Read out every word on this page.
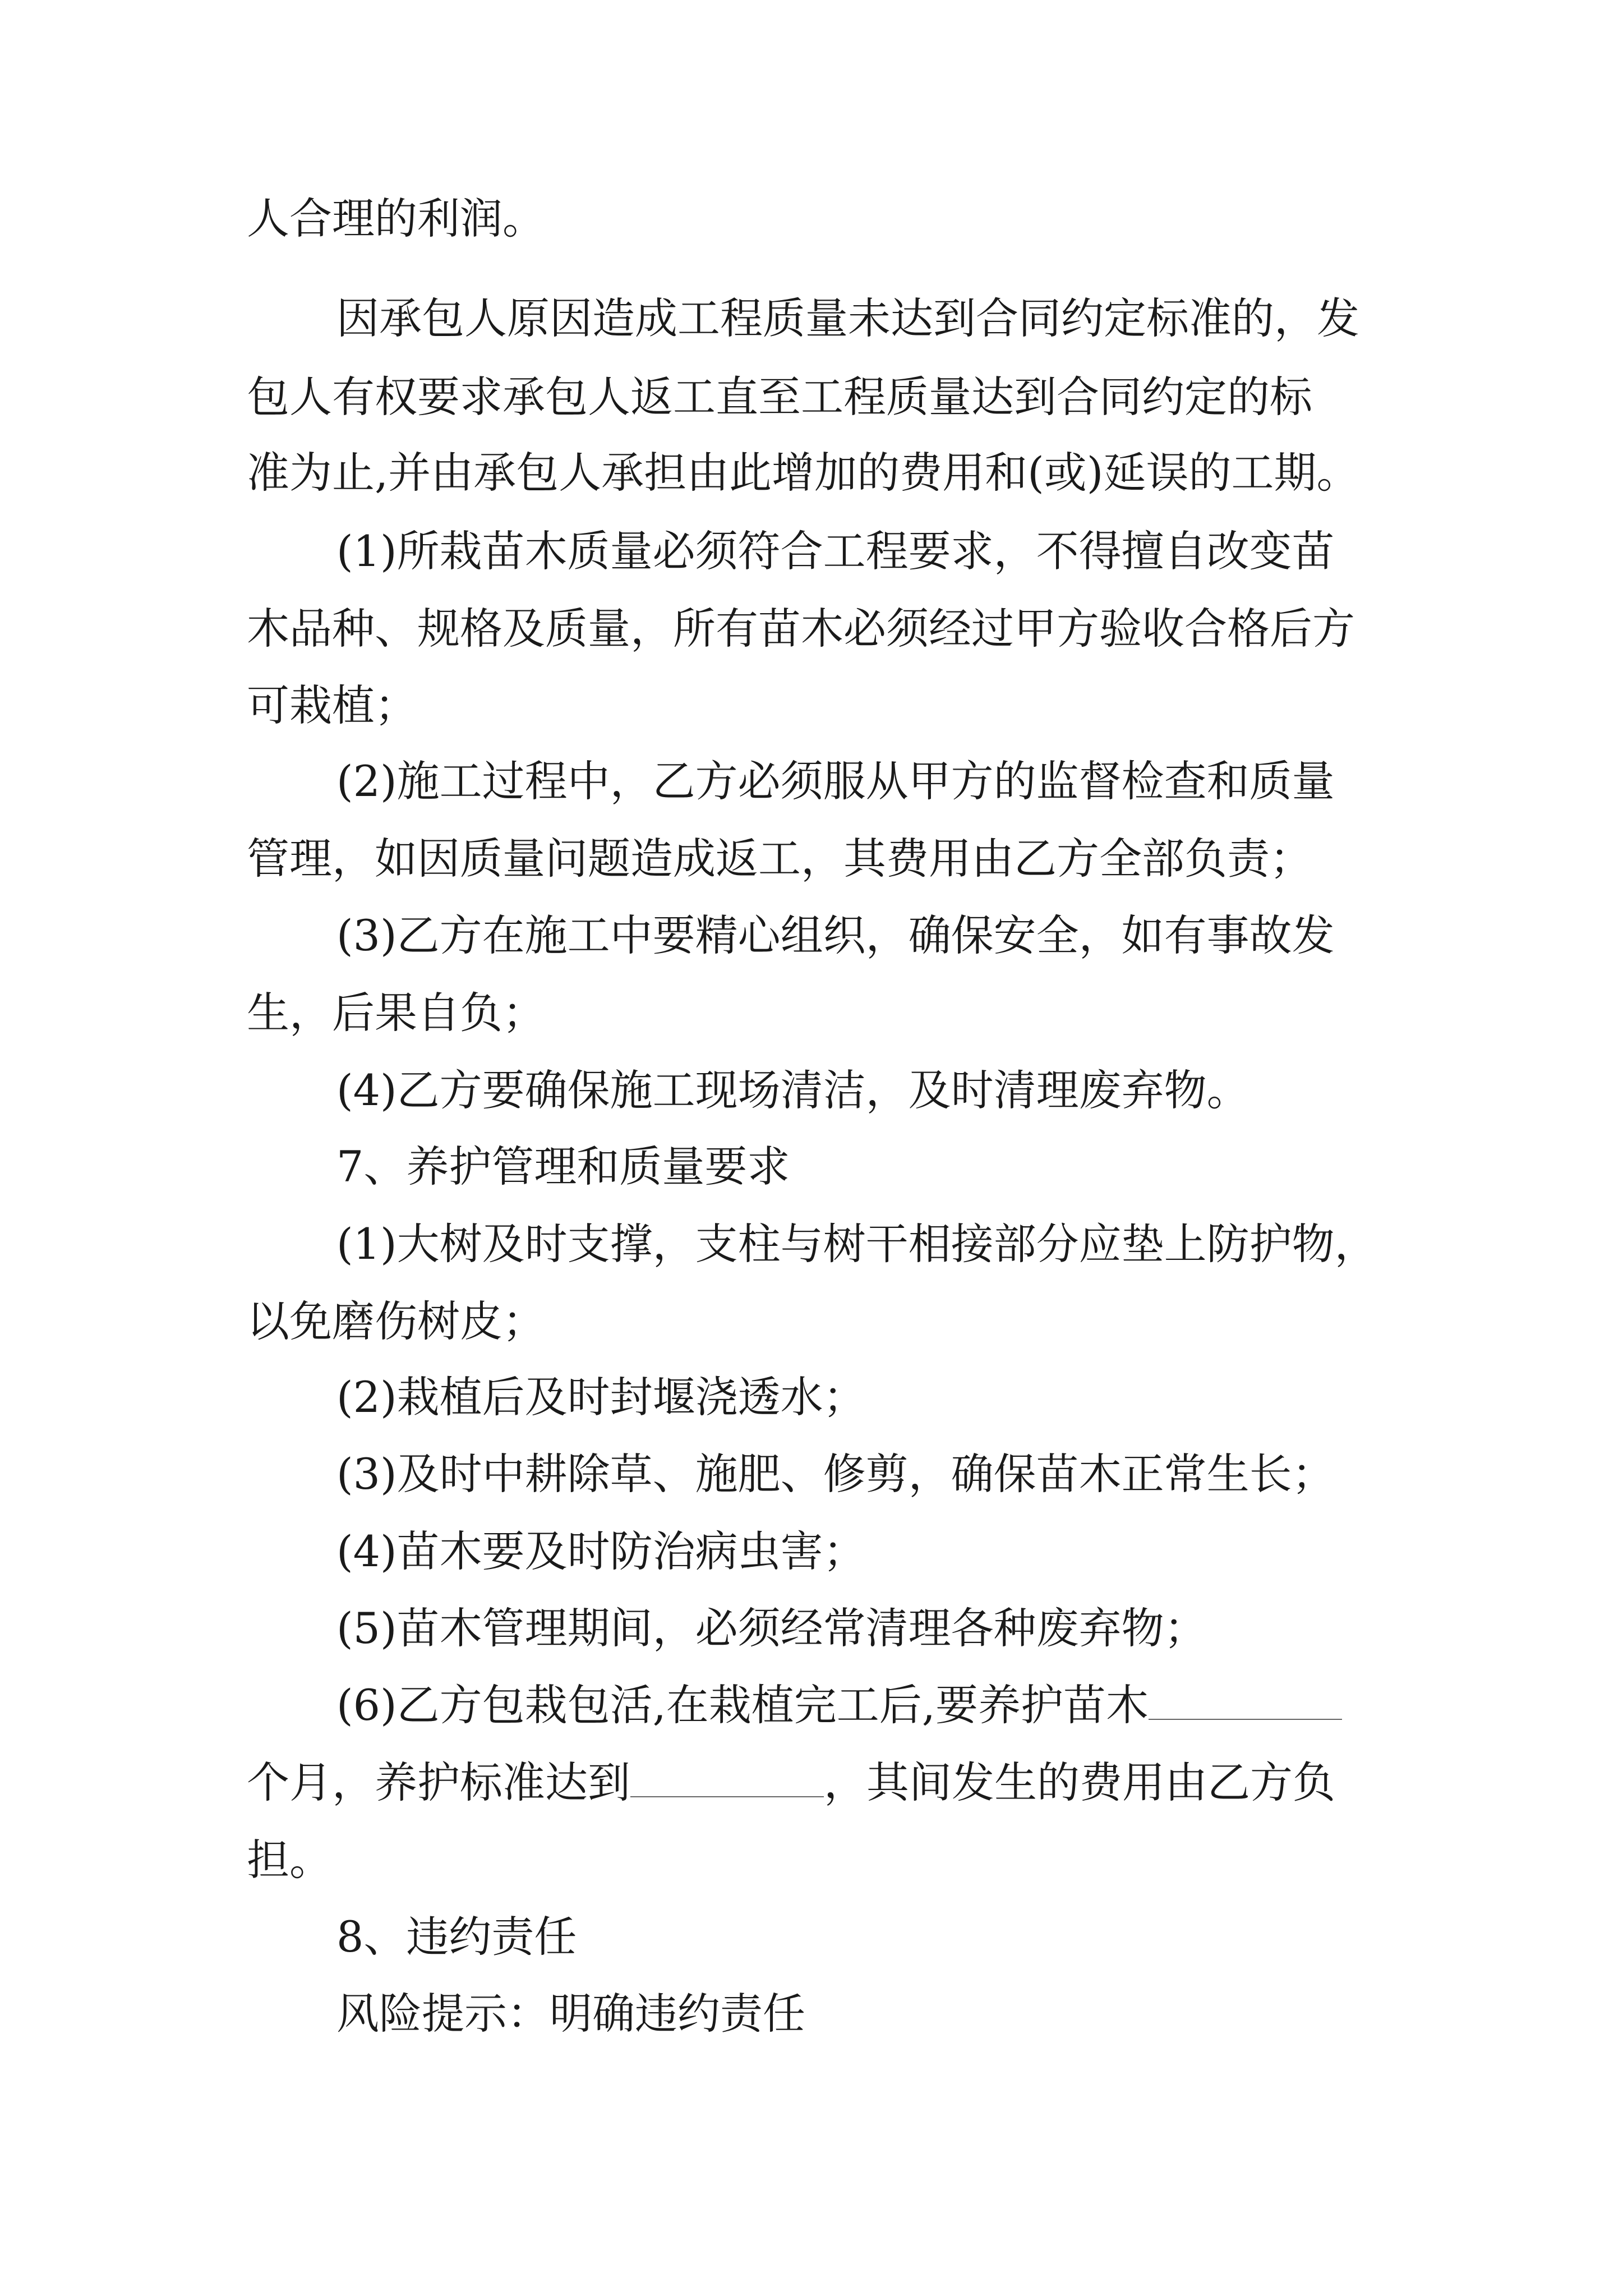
人合理的利润。

因承包人原因造成工程质量未达到合同约定标准的，发

包人有权要求承包人返工直至工程质量达到合同约定的标

准为止,并由承包人承担由此增加的费用和(或)延误的工期。

(1)所栽苗木质量必须符合工程要求，不得擅自改变苗

木品种、规格及质量，所有苗木必须经过甲方验收合格后方

可栽植；

(2)施工过程中，乙方必须服从甲方的监督检查和质量

管理，如因质量问题造成返工，其费用由乙方全部负责；

(3)乙方在施工中要精心组织，确保安全，如有事故发

生，后果自负；

(4)乙方要确保施工现场清洁，及时清理废弃物。

7、养护管理和质量要求

(1)大树及时支撑，支柱与树干相接部分应垫上防护物，

以免磨伤树皮；

(2)栽植后及时封堰浇透水；

(3)及时中耕除草、施肥、修剪，确保苗木正常生长；

(4)苗木要及时防治病虫害；

(5)苗木管理期间，必须经常清理各种废弃物；

(6)乙方包栽包活,在栽植完工后,要养护苗木

个月，养护标准达到	，其间发生的费用由乙方负

担。

8、违约责任

风险提示：明确违约责任
